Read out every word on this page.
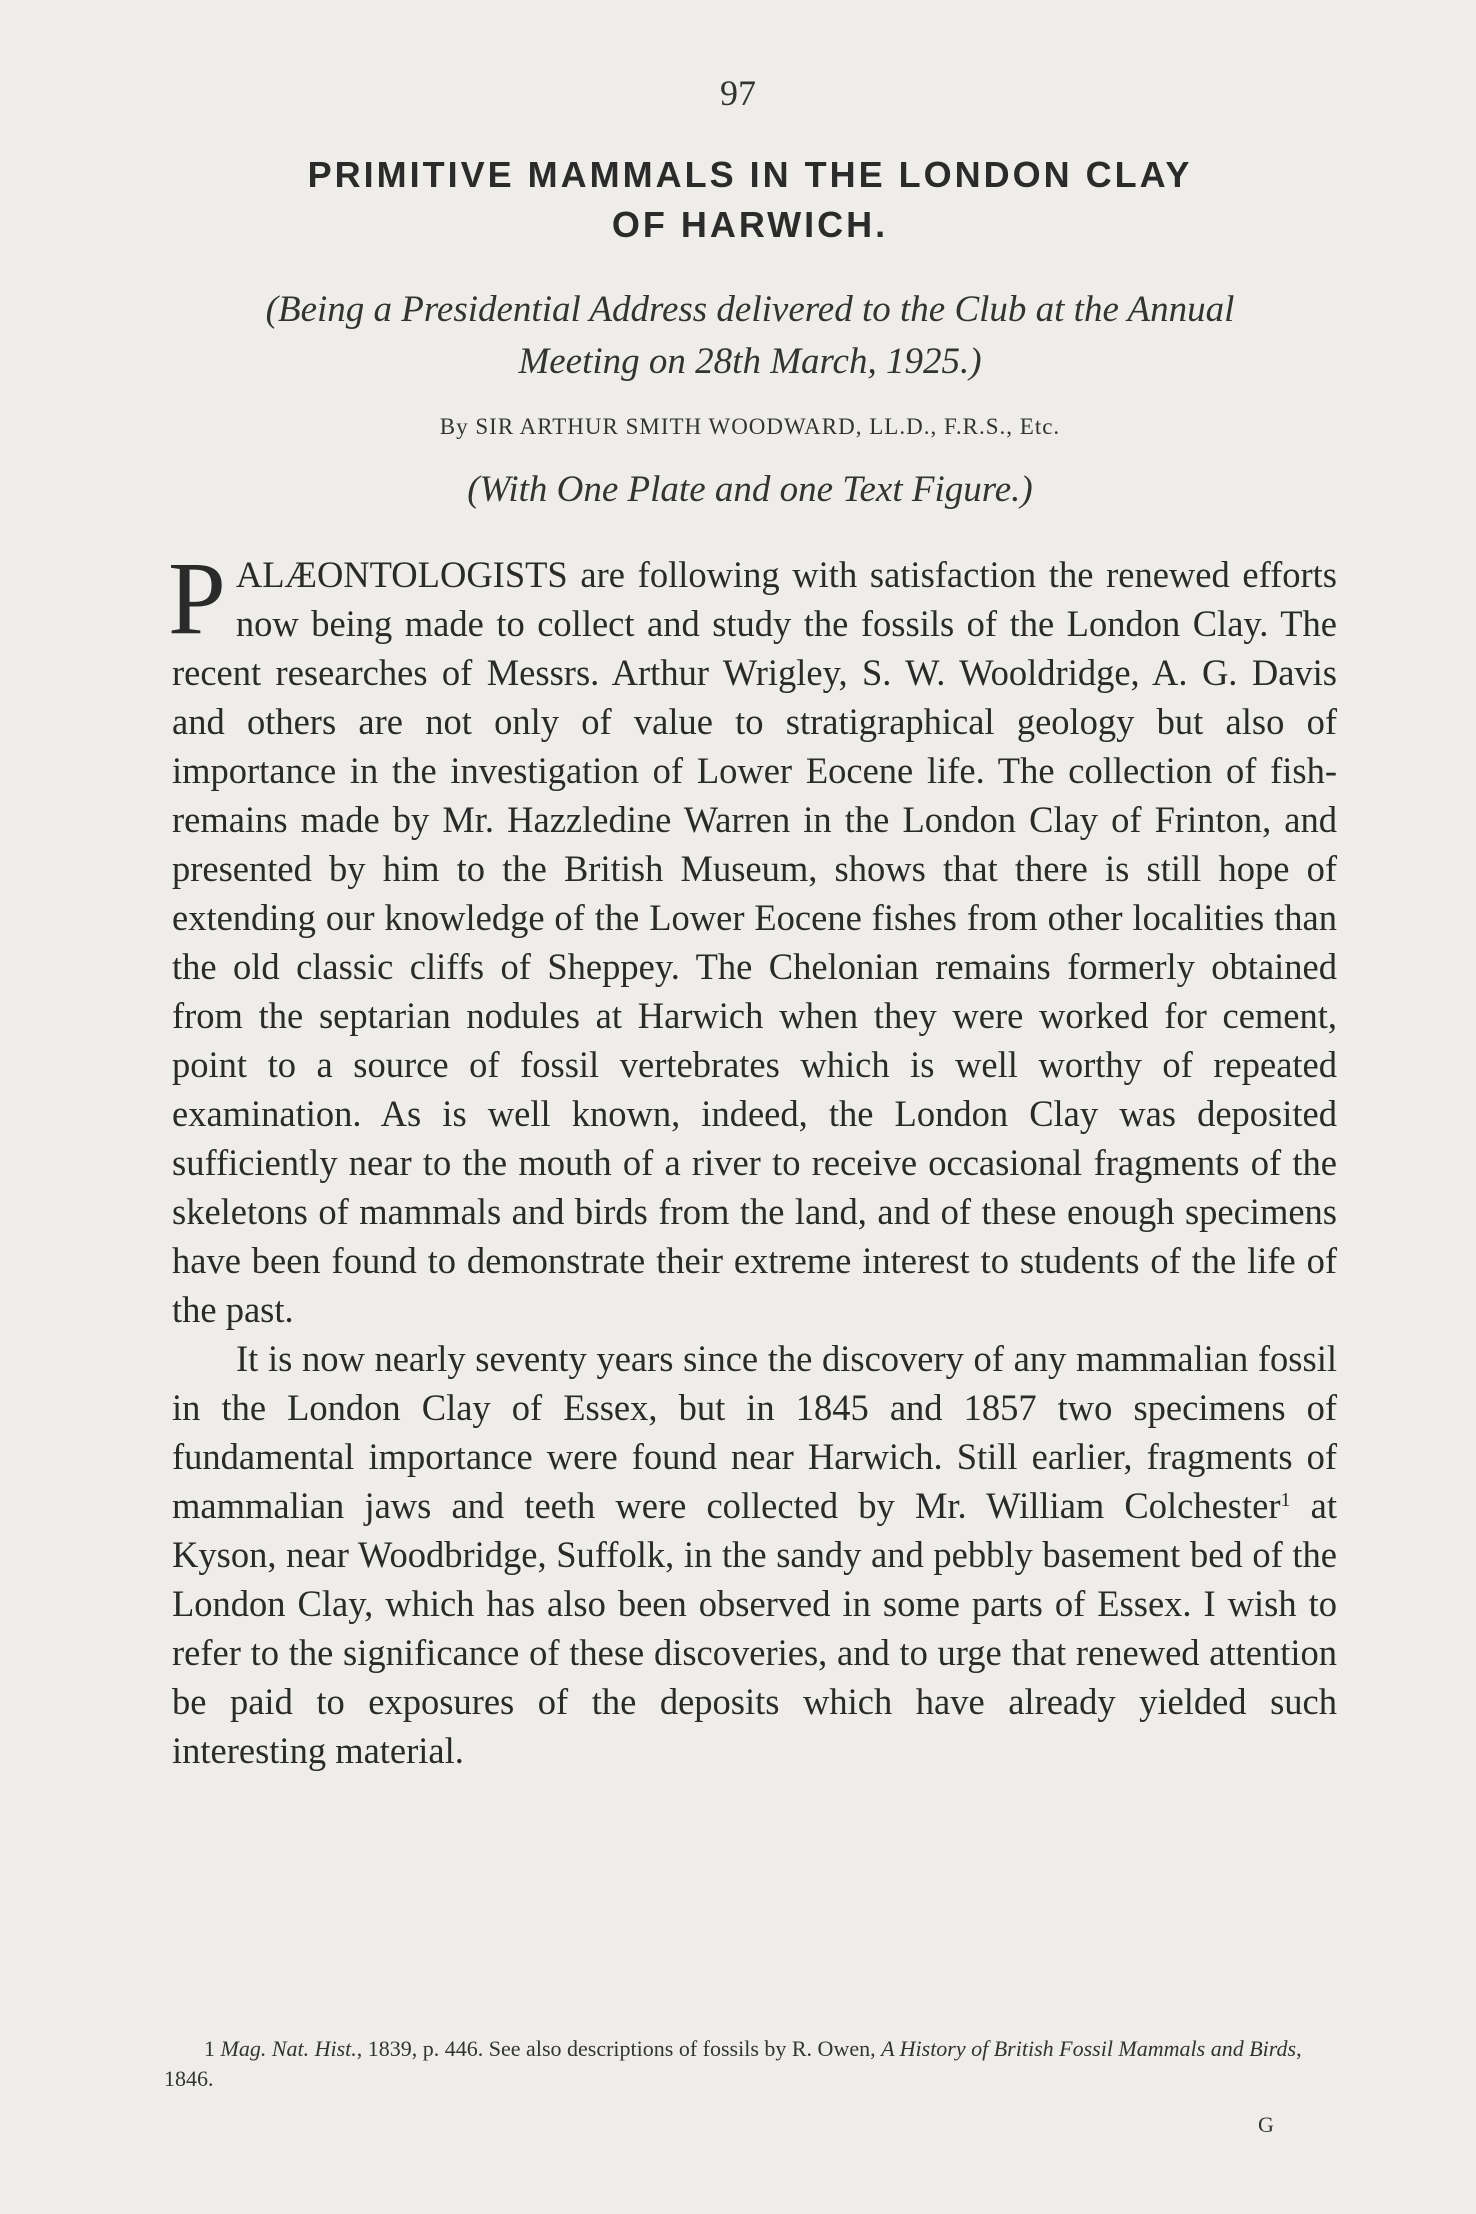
97
PRIMITIVE MAMMALS IN THE LONDON CLAY
OF HARWICH.
(Being a Presidential Address delivered to the Club at the Annual
Meeting on 28th March, 1925.)
By SIR ARTHUR SMITH WOODWARD, LL.D., F.R.S., Etc.
(With One Plate and one Text Figure.)

PALÆONTOLOGISTS are following with satisfaction the renewed efforts now being made to collect and study the fossils of the London Clay. The recent researches of Messrs. Arthur Wrigley, S. W. Wooldridge, A. G. Davis and others are not only of value to stratigraphical geology but also of importance in the investigation of Lower Eocene life. The collection of fish-remains made by Mr. Hazzledine Warren in the London Clay of Frinton, and presented by him to the British Museum, shows that there is still hope of extending our knowledge of the Lower Eocene fishes from other localities than the old classic cliffs of Sheppey. The Chelonian remains formerly obtained from the septarian nodules at Harwich when they were worked for cement, point to a source of fossil vertebrates which is well worthy of repeated examination. As is well known, indeed, the London Clay was deposited sufficiently near to the mouth of a river to receive occasional fragments of the skeletons of mammals and birds from the land, and of these enough specimens have been found to demonstrate their extreme interest to students of the life of the past.

It is now nearly seventy years since the discovery of any mammalian fossil in the London Clay of Essex, but in 1845 and 1857 two specimens of fundamental importance were found near Harwich. Still earlier, fragments of mammalian jaws and teeth were collected by Mr. William Colchester$^1$ at Kyson, near Woodbridge, Suffolk, in the sandy and pebbly basement bed of the London Clay, which has also been observed in some parts of Essex. I wish to refer to the significance of these discoveries, and to urge that renewed attention be paid to exposures of the deposits which have already yielded such interesting material.

1 Mag. Nat. Hist., 1839, p. 446. See also descriptions of fossils by R. Owen, A History of British Fossil Mammals and Birds, 1846.
G
